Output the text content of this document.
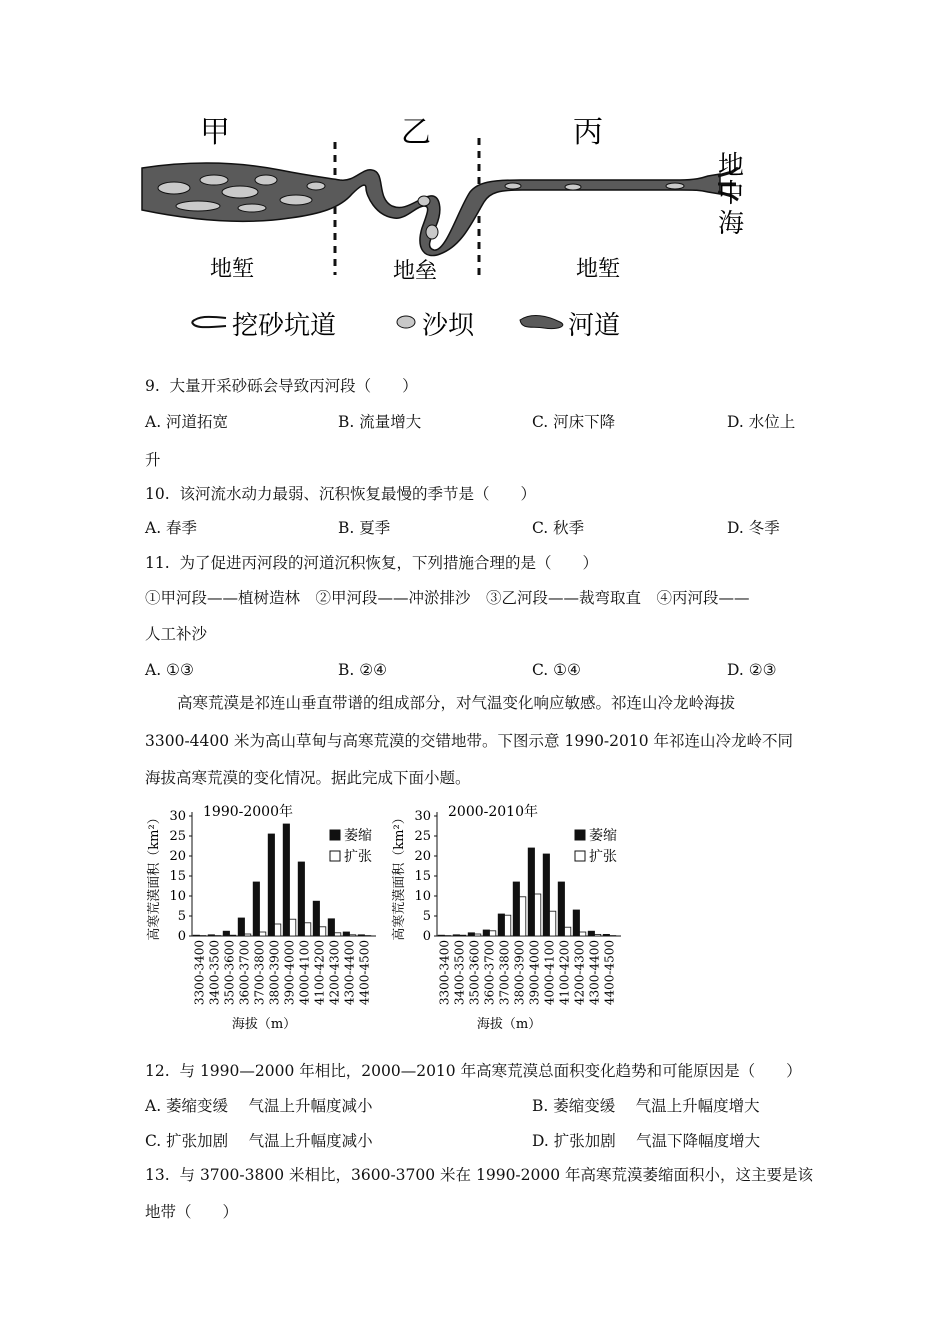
甲	乙	丙
地
中
海
地堑	地垒	地堑
挖砂坑道	沙坝	河道
9. 大量开采砂砾会导致丙河段（　　）
A. 河道拓宽	B. 流量增大	C. 河床下降	D. 水位上
升
10. 该河流水动力最弱、沉积恢复最慢的季节是（　　）
A. 春季	B. 夏季	C. 秋季	D. 冬季
11. 为了促进丙河段的河道沉积恢复，下列措施合理的是（　　）
①甲河段——植树造林　②甲河段——冲淤排沙　③乙河段——裁弯取直　④丙河段——
人工补沙
A. ①③	B. ②④	C. ①④	D. ②③
高寒荒漠是祁连山垂直带谱的组成部分，对气温变化响应敏感。祁连山冷龙岭海拔
3300-4400 米为高山草甸与高寒荒漠的交错地带。下图示意 1990-2010 年祁连山冷龙岭不同
海拔高寒荒漠的变化情况。据此完成下面小题。
1990-2000年
高寒荒漠面积（km²） 0
5
10
15
20
25
30
3300-3400 3400-3500 3500-3600 3600-3700 3700-3800 3800-3900 3900-4000 4000-4100 4100-4200 4200-4300 4300-4400 4400-4500
海拔（m）
萎缩
扩张
2000-2010年
高寒荒漠面积（km²） 0
5
10
15
20
25
30
3300-3400 3400-3500 3500-3600 3600-3700 3700-3800 3800-3900 3900-4000 4000-4100 4100-4200 4200-4300 4300-4400 4400-4500
海拔（m）
萎缩
扩张
12. 与 1990—2000 年相比，2000—2010 年高寒荒漠总面积变化趋势和可能原因是（　　）
A. 萎缩变缓　 气温上升幅度减小	B. 萎缩变缓　 气温上升幅度增大
C. 扩张加剧　 气温上升幅度减小	D. 扩张加剧　 气温下降幅度增大
13. 与 3700-3800 米相比，3600-3700 米在 1990-2000 年高寒荒漠萎缩面积小，这主要是该
地带（　　）
